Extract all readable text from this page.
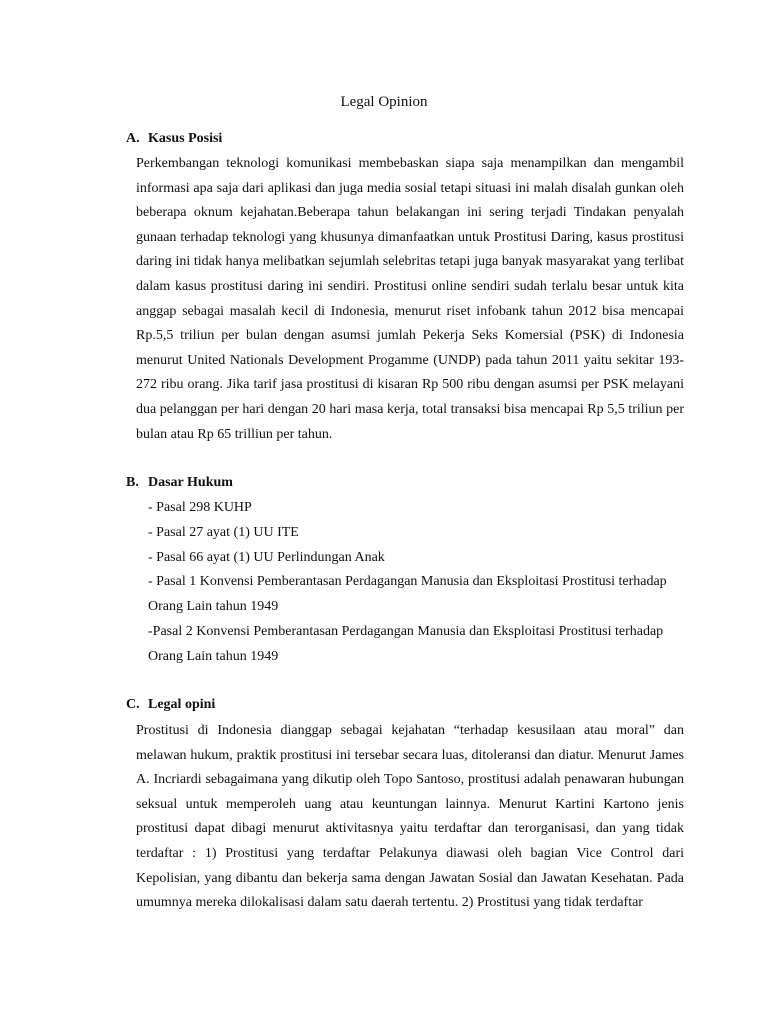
Legal Opinion
A. Kasus Posisi

Perkembangan teknologi komunikasi membebaskan siapa saja menampilkan dan mengambil informasi apa saja dari aplikasi dan juga media sosial tetapi situasi ini malah disalah gunkan oleh beberapa oknum kejahatan.Beberapa tahun belakangan ini sering terjadi Tindakan penyalah gunaan terhadap teknologi yang khusunya dimanfaatkan untuk Prostitusi Daring, kasus prostitusi daring ini tidak hanya melibatkan sejumlah selebritas tetapi juga banyak masyarakat yang terlibat dalam kasus prostitusi daring ini sendiri. Prostitusi online sendiri sudah terlalu besar untuk kita anggap sebagai masalah kecil di Indonesia, menurut riset infobank tahun 2012 bisa mencapai Rp.5,5 triliun per bulan dengan asumsi jumlah Pekerja Seks Komersial (PSK) di Indonesia menurut United Nationals Development Progamme (UNDP) pada tahun 2011 yaitu sekitar 193-272 ribu orang. Jika tarif jasa prostitusi di kisaran Rp 500 ribu dengan asumsi per PSK melayani dua pelanggan per hari dengan 20 hari masa kerja, total transaksi bisa mencapai Rp 5,5 triliun per bulan atau Rp 65 trilliun per tahun.

B. Dasar Hukum
- Pasal 298 KUHP
- Pasal 27 ayat (1) UU ITE
- Pasal 66 ayat (1) UU Perlindungan Anak
- Pasal 1 Konvensi Pemberantasan Perdagangan Manusia dan Eksploitasi Prostitusi terhadap Orang Lain tahun 1949
-Pasal 2 Konvensi Pemberantasan Perdagangan Manusia dan Eksploitasi Prostitusi terhadap Orang Lain tahun 1949
C. Legal opini

Prostitusi di Indonesia dianggap sebagai kejahatan “terhadap kesusilaan atau moral” dan melawan hukum, praktik prostitusi ini tersebar secara luas, ditoleransi dan diatur. Menurut James A. Incriardi sebagaimana yang dikutip oleh Topo Santoso, prostitusi adalah penawaran hubungan seksual untuk memperoleh uang atau keuntungan lainnya. Menurut Kartini Kartono jenis prostitusi dapat dibagi menurut aktivitasnya yaitu terdaftar dan terorganisasi, dan yang tidak terdaftar : 1) Prostitusi yang terdaftar Pelakunya diawasi oleh bagian Vice Control dari Kepolisian, yang dibantu dan bekerja sama dengan Jawatan Sosial dan Jawatan Kesehatan. Pada umumnya mereka dilokalisasi dalam satu daerah tertentu. 2) Prostitusi yang tidak terdaftar
